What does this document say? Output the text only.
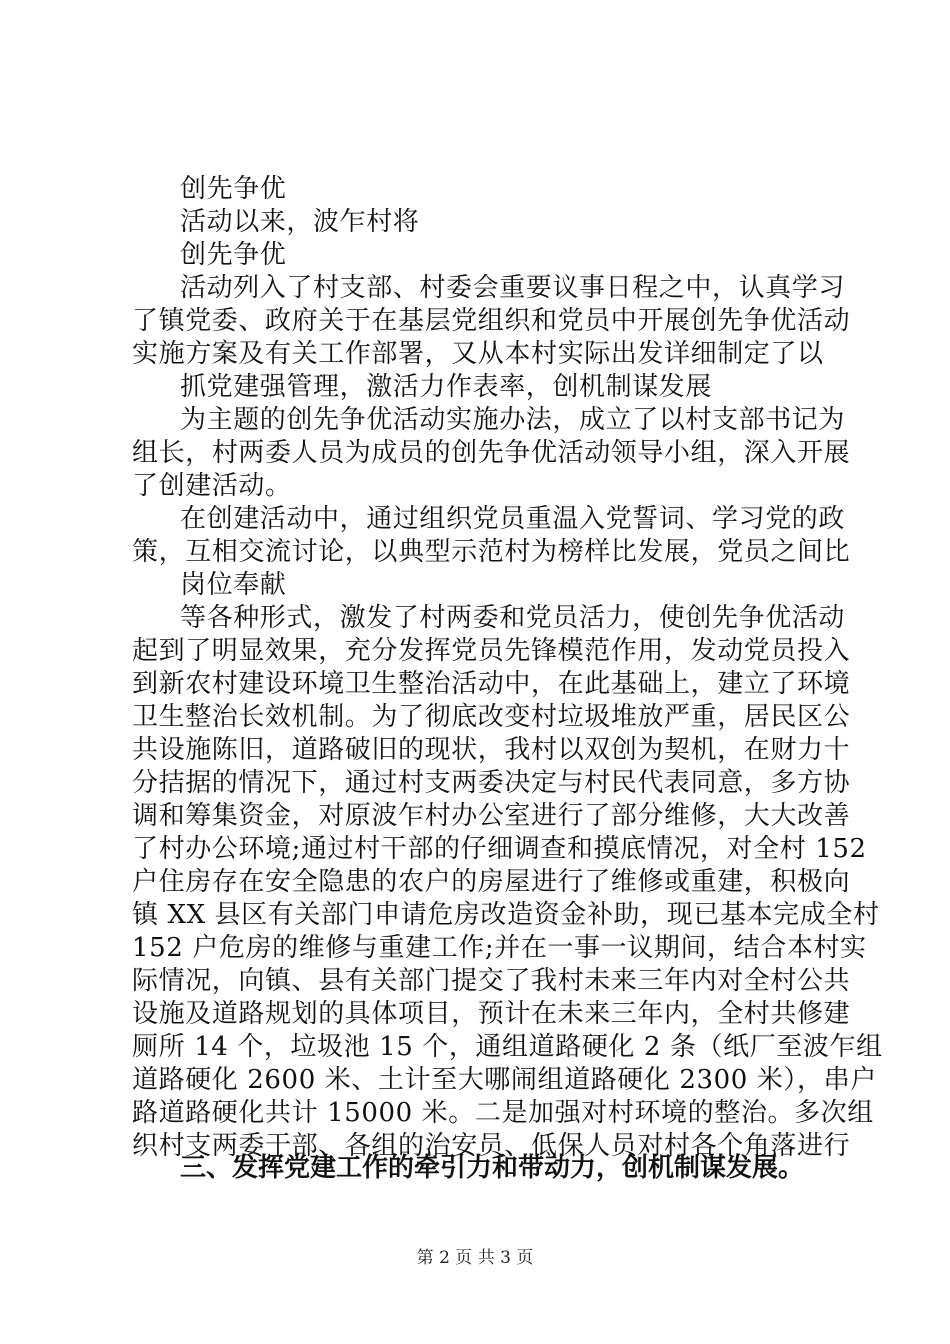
创先争优
活动以来，波乍村将
创先争优
活动列入了村支部、村委会重要议事日程之中，认真学习
了镇党委、政府关于在基层党组织和党员中开展创先争优活动
实施方案及有关工作部署，又从本村实际出发详细制定了以
抓党建强管理，激活力作表率，创机制谋发展
为主题的创先争优活动实施办法，成立了以村支部书记为
组长，村两委人员为成员的创先争优活动领导小组，深入开展
了创建活动。
在创建活动中，通过组织党员重温入党誓词、学习党的政
策，互相交流讨论，以典型示范村为榜样比发展，党员之间比
岗位奉献
等各种形式，激发了村两委和党员活力，使创先争优活动
起到了明显效果，充分发挥党员先锋模范作用，发动党员投入
到新农村建设环境卫生整治活动中，在此基础上，建立了环境
卫生整治长效机制。为了彻底改变村垃圾堆放严重，居民区公
共设施陈旧，道路破旧的现状，我村以双创为契机，在财力十
分拮据的情况下，通过村支两委决定与村民代表同意，多方协
调和筹集资金，对原波乍村办公室进行了部分维修，大大改善
了村办公环境;通过村干部的仔细调查和摸底情况，对全村 152
户住房存在安全隐患的农户的房屋进行了维修或重建，积极向
镇 XX 县区有关部门申请危房改造资金补助，现已基本完成全村
152 户危房的维修与重建工作;并在一事一议期间，结合本村实
际情况，向镇、县有关部门提交了我村未来三年内对全村公共
设施及道路规划的具体项目，预计在未来三年内，全村共修建
厕所 14 个，垃圾池 15 个，通组道路硬化 2 条（纸厂至波乍组
道路硬化 2600 米、土计至大哪闹组道路硬化 2300 米），串户
路道路硬化共计 15000 米。二是加强对村环境的整治。多次组
织村支两委干部、各组的治安员、低保人员对村各个角落进行
三、发挥党建工作的牵引力和带动力，创机制谋发展。
第 2 页 共 3 页
